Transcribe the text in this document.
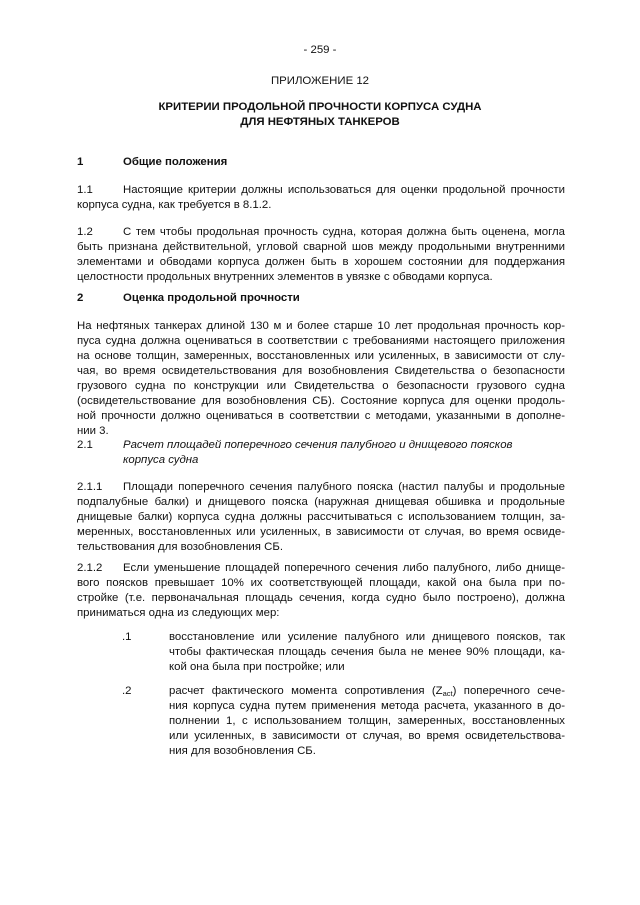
- 259 -
ПРИЛОЖЕНИЕ 12
КРИТЕРИИ ПРОДОЛЬНОЙ ПРОЧНОСТИ КОРПУСА СУДНА
ДЛЯ НЕФТЯНЫХ ТАНКЕРОВ
1	Общие положения
1.1	Настоящие критерии должны использоваться для оценки продольной прочности
корпуса судна, как требуется в 8.1.2.
1.2	С тем чтобы продольная прочность судна, которая должна быть оценена, могла
быть признана действительной, угловой сварной шов между продольными внутренними
элементами и обводами корпуса должен быть в хорошем состоянии для поддержания
целостности продольных внутренних элементов в увязке с обводами корпуса.
2	Оценка продольной прочности
На нефтяных танкерах длиной 130 м и более старше 10 лет продольная прочность кор-
пуса судна должна оцениваться в соответствии с требованиями настоящего приложения
на основе толщин, замеренных, восстановленных или усиленных, в зависимости от слу-
чая, во время освидетельствования для возобновления Свидетельства о безопасности
грузового судна по конструкции или Свидетельства о безопасности грузового судна
(освидетельствование для возобновления СБ). Состояние корпуса для оценки продоль-
ной прочности должно оцениваться в соответствии с методами, указанными в дополне-
нии 3.
2.1	Расчет площадей поперечного сечения палубного и днищевого поясков
корпуса судна
2.1.1 Площади поперечного сечения палубного пояска (настил палубы и продольные
подпалубные балки) и днищевого пояска (наружная днищевая обшивка и продольные
днищевые балки) корпуса судна должны рассчитываться с использованием толщин, за-
меренных, восстановленных или усиленных, в зависимости от случая, во время освиде-
тельствования для возобновления СБ.
2.1.2 Если уменьшение площадей поперечного сечения либо палубного, либо днище-
вого поясков превышает 10% их соответствующей площади, какой она была при по-
стройке (т.е. первоначальная площадь сечения, когда судно было построено), должна
приниматься одна из следующих мер:
.1	восстановление или усиление палубного или днищевого поясков, так
чтобы фактическая площадь сечения была не менее 90% площади, ка-
кой она была при постройке; или
.2	расчет фактического момента сопротивления $(Z_{act})$ поперечного сече-
ния корпуса судна путем применения метода расчета, указанного в до-
полнении 1, с использованием толщин, замеренных, восстановленных
или усиленных, в зависимости от случая, во время освидетельствова-
ния для возобновления СБ.
